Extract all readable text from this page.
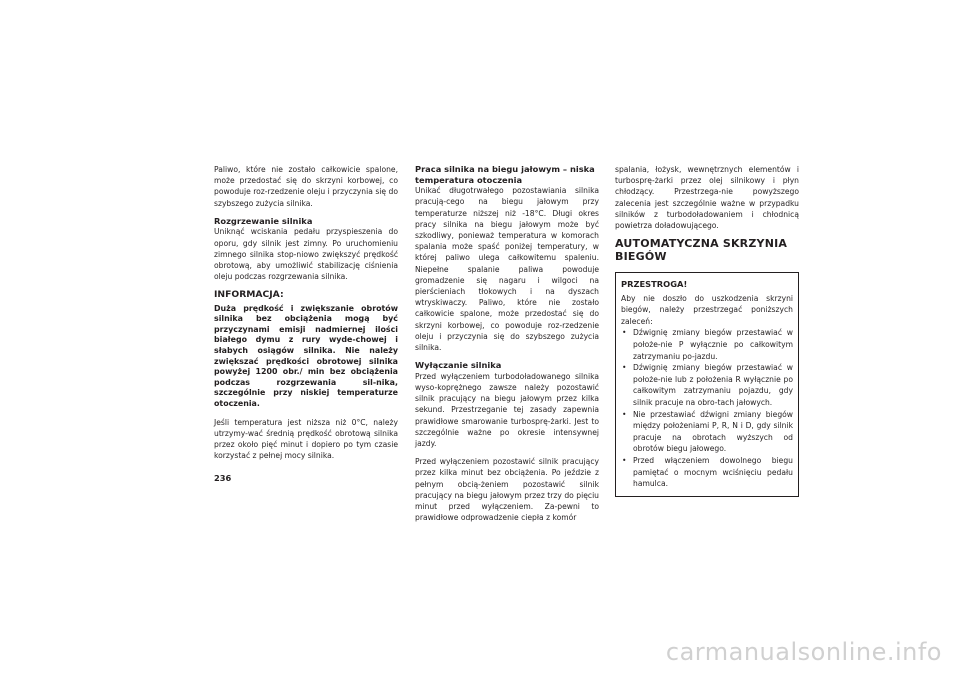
Paliwo, które nie zostało całkowicie spalone, może przedostać się do skrzyni korbowej, co powoduje roz-rzedzenie oleju i przyczynia się do szybszego zużycia silnika.

Rozgrzewanie silnika

Uniknąć wciskania pedału przyspieszenia do oporu, gdy silnik jest zimny. Po uruchomieniu zimnego silnika stop-niowo zwiększyć prędkość obrotową, aby umożliwić stabilizację ciśnienia oleju podczas rozgrzewania silnika.

INFORMACJA:

Duża prędkość i zwiększanie obrotów silnika bez obciążenia mogą być przyczynami emisji nadmiernej ilości białego dymu z rury wyde-chowej i słabych osiągów silnika. Nie należy zwiększać prędkości obrotowej silnika powyżej 1200 obr./ min bez obciążenia podczas rozgrzewania sil-nika, szczególnie przy niskiej temperaturze otoczenia.

Jeśli temperatura jest niższa niż 0°C, należy utrzymy-wać średnią prędkość obrotową silnika przez około pięć minut i dopiero po tym czasie korzystać z pełnej mocy silnika.

Praca silnika na biegu jałowym – niska temperatura otoczenia

Unikać długotrwałego pozostawiania silnika pracują-cego na biegu jałowym przy temperaturze niższej niż -18°C. Długi okres pracy silnika na biegu jałowym może być szkodliwy, ponieważ temperatura w komorach spalania może spaść poniżej temperatury, w której paliwo ulega całkowitemu spaleniu. Niepełne spalanie paliwa powoduje gromadzenie się nagaru i wilgoci na pierścieniach tłokowych i na dyszach wtryskiwaczy. Paliwo, które nie zostało całkowicie spalone, może przedostać się do skrzyni korbowej, co powoduje roz-rzedzenie oleju i przyczynia się do szybszego zużycia silnika.

Wyłączanie silnika

Przed wyłączeniem turbodoładowanego silnika wyso-koprężnego zawsze należy pozostawić silnik pracujący na biegu jałowym przez kilka sekund. Przestrzeganie tej zasady zapewnia prawidłowe smarowanie turbosprę-żarki. Jest to szczególnie ważne po okresie intensywnej jazdy.

Przed wyłączeniem pozostawić silnik pracujący przez kilka minut bez obciążenia. Po jeździe z pełnym obcią-żeniem pozostawić silnik pracujący na biegu jałowym przez trzy do pięciu minut przed wyłączeniem. Za-pewni to prawidłowe odprowadzenie ciepła z komór

spalania, łożysk, wewnętrznych elementów i turbosprę-żarki przez olej silnikowy i płyn chłodzący. Przestrzega-nie powyższego zalecenia jest szczególnie ważne w przypadku silników z turbodoładowaniem i chłodnicą powietrza doładowującego.

AUTOMATYCZNA SKRZYNIA BIEGÓW

PRZESTROGA!

Aby nie doszło do uszkodzenia skrzyni biegów, należy przestrzegać poniższych zaleceń:

• Dźwignię zmiany biegów przestawiać w położe-nie P wyłącznie po całkowitym zatrzymaniu po-jazdu.
• Dźwignię zmiany biegów przestawiać w położe-nie lub z położenia R wyłącznie po całkowitym zatrzymaniu pojazdu, gdy silnik pracuje na obro-tach jałowych.
• Nie przestawiać dźwigni zmiany biegów między położeniami P, R, N i D, gdy silnik pracuje na obrotach wyższych od obrotów biegu jałowego.
• Przed włączeniem dowolnego biegu pamiętać o mocnym wciśnięciu pedału hamulca.
236
carmanualsonline.info
